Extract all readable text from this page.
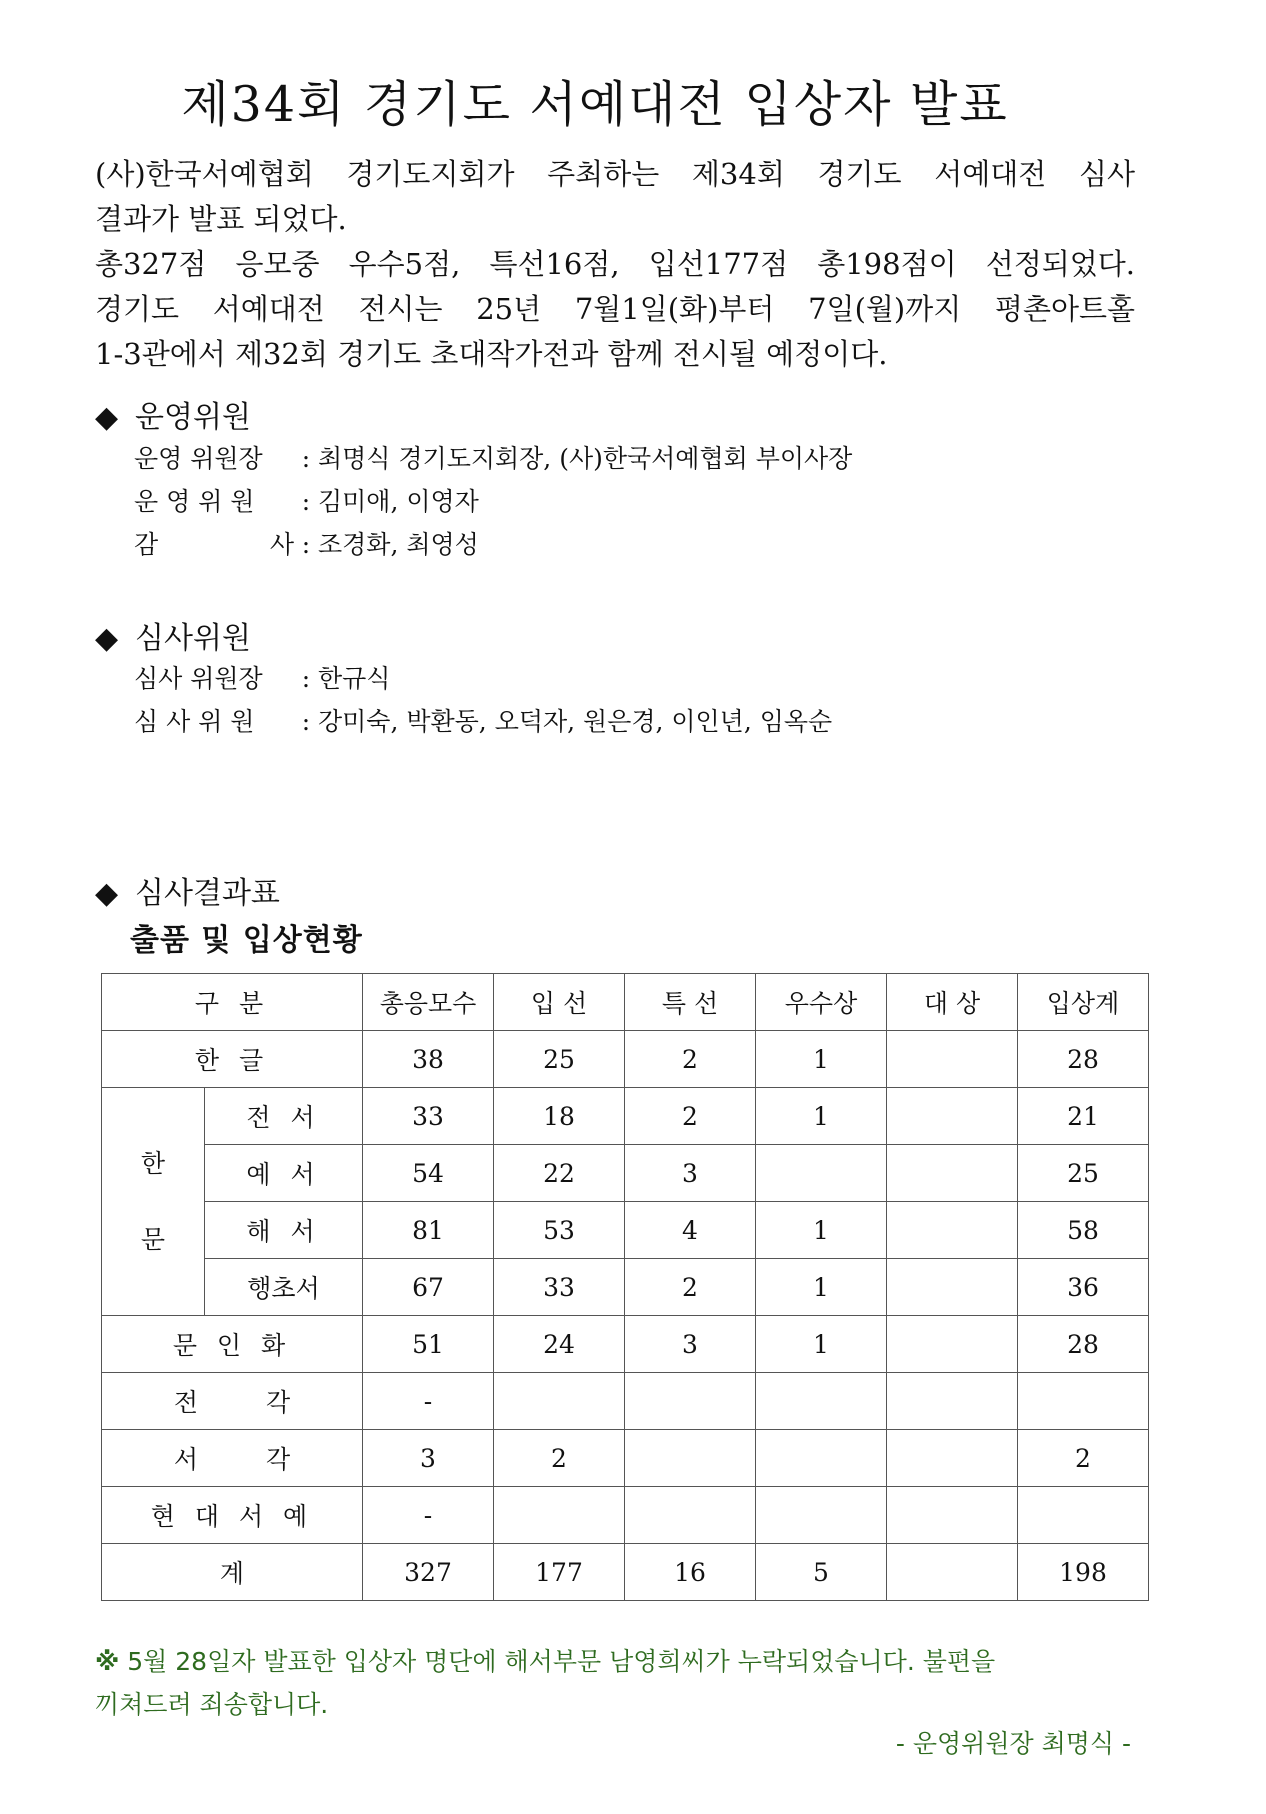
제34회 경기도 서예대전 입상자 발표

(사)한국서예협회 경기도지회가 주최하는 제34회 경기도 서예대전 심사

결과가 발표 되었다.

총327점 응모중 우수5점, 특선16점, 입선177점 총198점이 선정되었다.

경기도 서예대전 전시는 25년 7월1일(화)부터 7일(월)까지 평촌아트홀

1-3관에서 제32회 경기도 초대작가전과 함께 전시될 예정이다.

◆ 운영위원
운영 위원장 : 최명식 경기도지회장, (사)한국서예협회 부이사장
운 영 위 원 : 김미애, 이영자
감 사 : 조경화, 최영성
◆ 심사위원
심사 위원장 : 한규식
심 사 위 원 : 강미숙, 박환동, 오덕자, 원은경, 이인년, 임옥순
◆ 심사결과표
출품 및 입상현황
구 분		총응모수	입 선	특 선	우수상	대 상	입상계
한 글		38	25	2	1		28

한
문	전 서	33	18	2	1		21
	예 서	54	22	3			25
	해 서	81	53	4	1		58
	행초서	67	33	2	1		36
문 인 화		51	24	3	1		28
전 각		-					
서 각		3	2				2
현 대 서 예		-					
계		327	177	16	5		198

※ 5월 28일자 발표한 입상자 명단에 해서부문 남영희씨가 누락되었습니다. 불편을

끼쳐드려 죄송합니다.

- 운영위원장 최명식 -
